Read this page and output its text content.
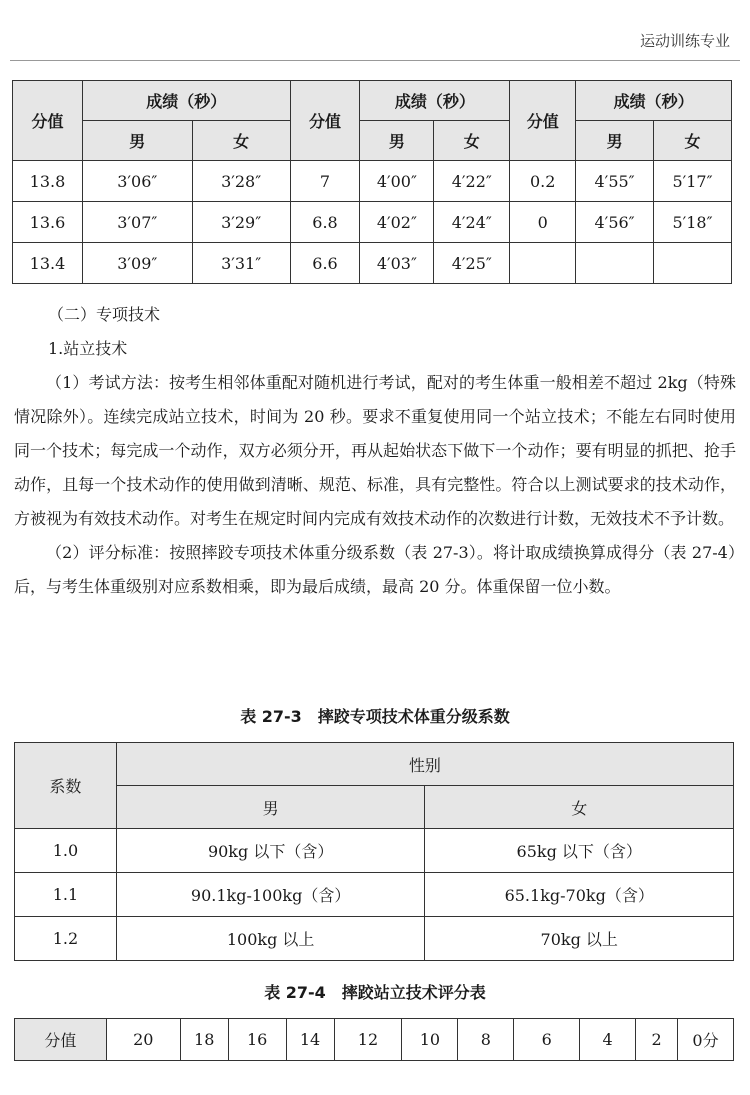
运动训练专业
分值	成绩（秒）		分值	成绩（秒）		分值	成绩（秒）	
	男	女		男	女		男	女
13.8	3′06″	3′28″	7	4′00″	4′22″	0.2	4′55″	5′17″
13.6	3′07″	3′29″	6.8	4′02″	4′24″	0	4′56″	5′18″
13.4	3′09″	3′31″	6.6	4′03″	4′25″			

（二）专项技术

1.站立技术

（1）考试方法：按考生相邻体重配对随机进行考试，配对的考生体重一般相差不超过 2kg（特殊情况除外）。连续完成站立技术，时间为 20 秒。要求不重复使用同一个站立技术；不能左右同时使用同一个技术；每完成一个动作，双方必须分开，再从起始状态下做下一个动作；要有明显的抓把、抢手动作，且每一个技术动作的使用做到清晰、规范、标准，具有完整性。符合以上测试要求的技术动作，方被视为有效技术动作。对考生在规定时间内完成有效技术动作的次数进行计数，无效技术不予计数。

（2）评分标准：按照摔跤专项技术体重分级系数（表 27-3）。将计取成绩换算成得分（表 27-4）后，与考生体重级别对应系数相乘，即为最后成绩，最高 20 分。体重保留一位小数。

表 27-3　摔跤专项技术体重分级系数
系数	性别	
	男	女
1.0	90kg 以下（含）	65kg 以下（含）
1.1	90.1kg-100kg（含）	65.1kg-70kg（含）
1.2	100kg 以上	70kg 以上
表 27-4　摔跤站立技术评分表
分值	20	18	16	14	12	10	8	6	4	2	0分
